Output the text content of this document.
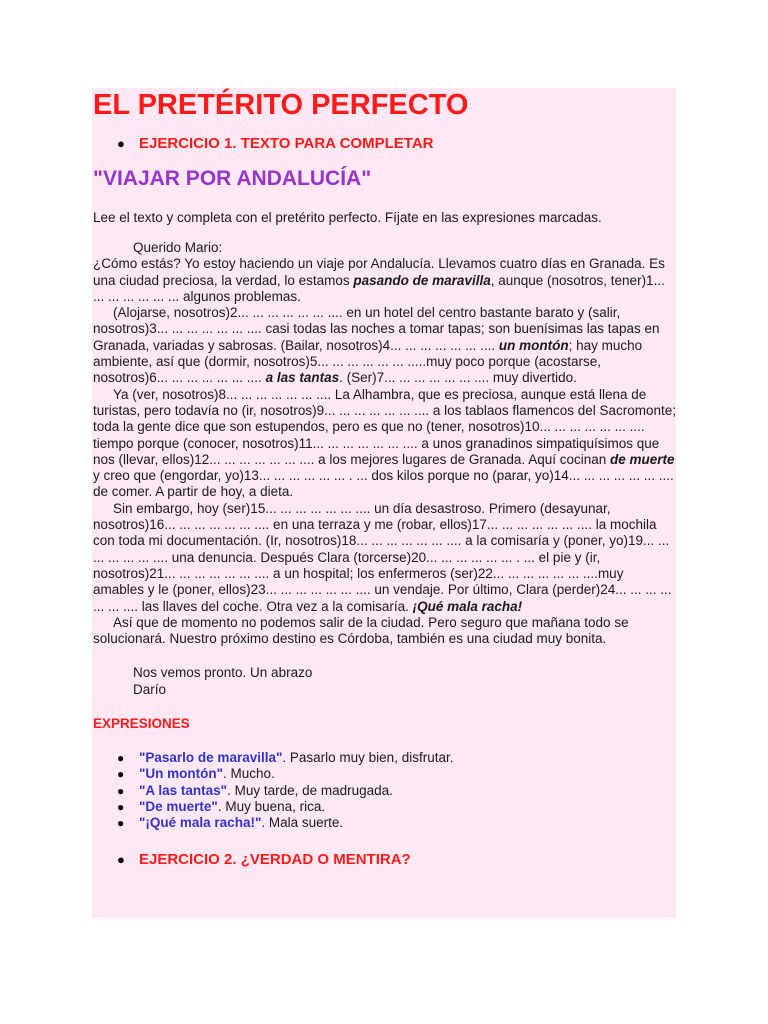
EL PRETÉRITO PERFECTO
● EJERCICIO 1. TEXTO PARA COMPLETAR
"VIAJAR POR ANDALUCÍA"

Lee el texto y completa con el pretérito perfecto. Fíjate en las expresiones marcadas.

Querido Mario:

¿Cómo estás? Yo estoy haciendo un viaje por Andalucía. Llevamos cuatro días en Granada. Es una ciudad preciosa, la verdad, lo estamos pasando de maravilla, aunque (nosotros, tener)1... ... ... ... ... ... ... algunos problemas.

(Alojarse, nosotros)2... ... ... ... ... ... .... en un hotel del centro bastante barato y (salir, nosotros)3... ... ... ... ... ... .... casi todas las noches a tomar tapas; son buenísimas las tapas en Granada, variadas y sabrosas. (Bailar, nosotros)4... ... ... ... ... ... .... un montón; hay mucho ambiente, así que (dormir, nosotros)5... ... ... ... ... ... .....muy poco porque (acostarse, nosotros)6... ... ... ... ... ... .... a las tantas. (Ser)7... ... ... ... ... ... .... muy divertido.

Ya (ver, nosotros)8... ... ... ... ... ... .... La Alhambra, que es preciosa, aunque está llena de turistas, pero todavía no (ir, nosotros)9... ... ... ... ... ... .... a los tablaos flamencos del Sacromonte; toda la gente dice que son estupendos, pero es que no (tener, nosotros)10... ... ... ... ... ... .... tiempo porque (conocer, nosotros)11... ... ... ... ... ... .... a unos granadinos simpatiquísimos que nos (llevar, ellos)12... ... ... ... ... ... .... a los mejores lugares de Granada. Aquí cocinan de muerte y creo que (engordar, yo)13... ... ... ... ... ... . ... dos kilos porque no (parar, yo)14... ... ... ... ... ... .... de comer. A partir de hoy, a dieta.

Sin embargo, hoy (ser)15... ... ... ... ... ... .... un día desastroso. Primero (desayunar, nosotros)16... ... ... ... ... ... .... en una terraza y me (robar, ellos)17... ... ... ... ... ... .... la mochila con toda mi documentación. (Ir, nosotros)18... ... ... ... ... ... .... a la comisaría y (poner, yo)19... ... ... ... ... ... .... una denuncia. Después Clara (torcerse)20... ... ... ... ... ... . ... el pie y (ir, nosotros)21... ... ... ... ... ... .... a un hospital; los enfermeros (ser)22... ... ... ... ... ... ....muy amables y le (poner, ellos)23... ... ... ... ... ... .... un vendaje. Por último, Clara (perder)24... ... ... ... ... ... .... las llaves del coche. Otra vez a la comisaría. ¡Qué mala racha!

Así que de momento no podemos salir de la ciudad. Pero seguro que mañana todo se solucionará. Nuestro próximo destino es Córdoba, también es una ciudad muy bonita.

Nos vemos pronto. Un abrazo

Darío

EXPRESIONES
● "Pasarlo de maravilla". Pasarlo muy bien, disfrutar.
● "Un montón". Mucho.
● "A las tantas". Muy tarde, de madrugada.
● "De muerte". Muy buena, rica.
● "¡Qué mala racha!". Mala suerte.
● EJERCICIO 2. ¿VERDAD O MENTIRA?
